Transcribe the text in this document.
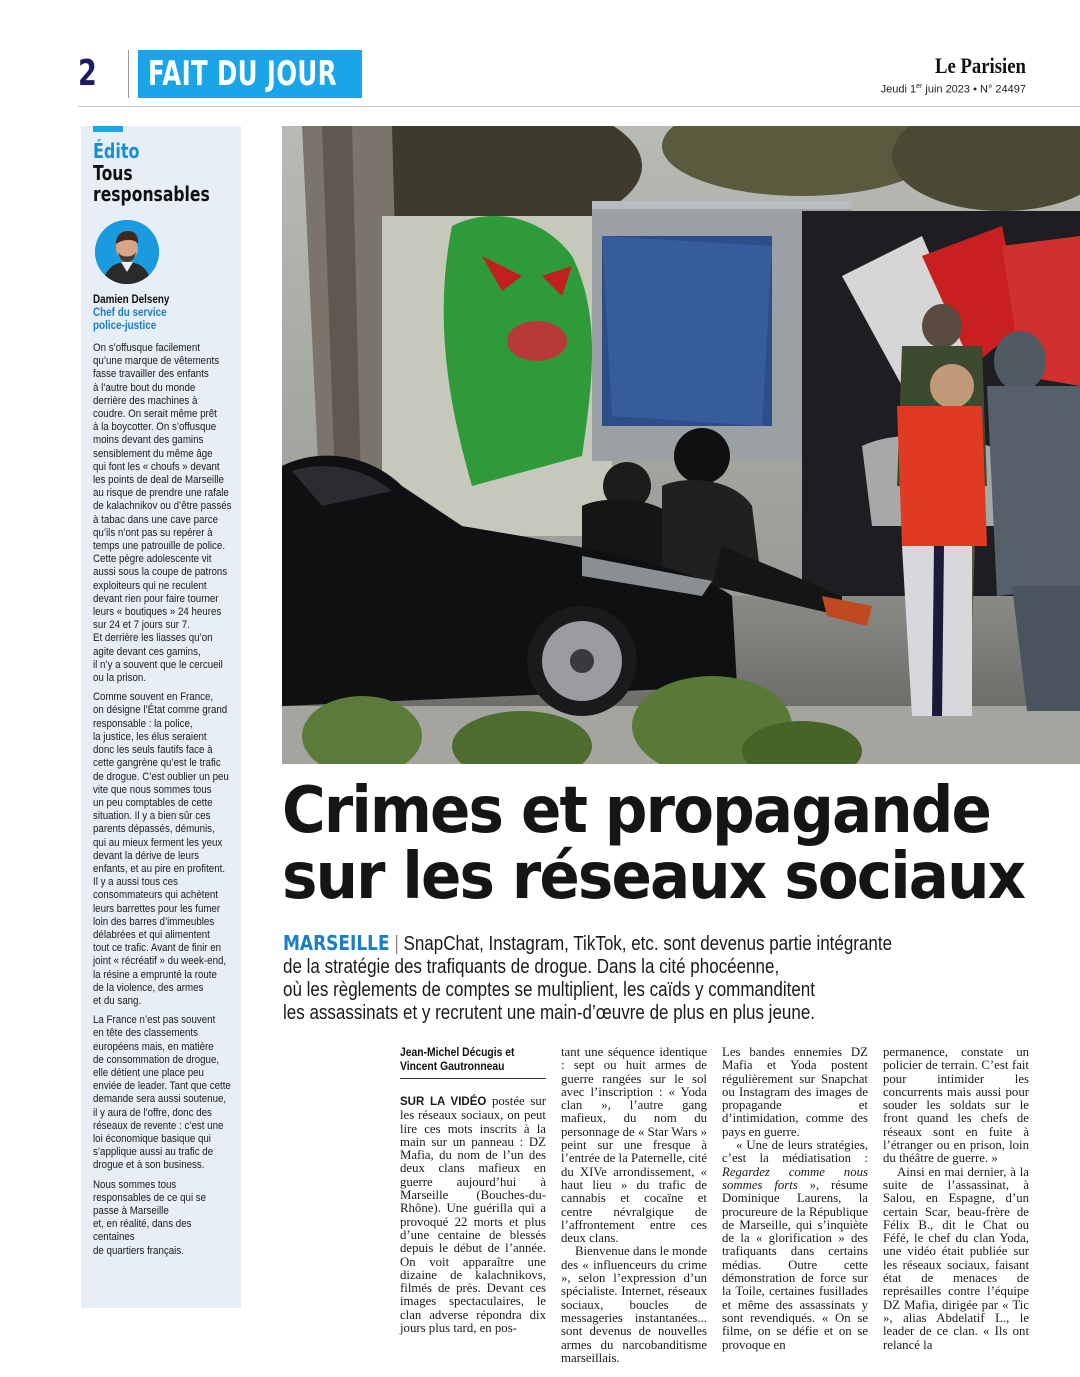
2 FAIT DU JOUR	Le Parisien
Jeudi 1er juin 2023 • N° 24497
Édito
Tous responsables
Damien Delseny
Chef du service police-justice

On s’offusque facilement
qu’une marque de vêtements
fasse travailler des enfants
à l’autre bout du monde
derrière des machines à
coudre. On serait même prêt
à la boycotter. On s’offusque
moins devant des gamins
sensiblement du même âge
qui font les « choufs » devant
les points de deal de Marseille
au risque de prendre une rafale
de kalachnikov ou d’être passés
à tabac dans une cave parce
qu’ils n’ont pas su repérer à
temps une patrouille de police.
Cette pègre adolescente vit
aussi sous la coupe de patrons
exploiteurs qui ne reculent
devant rien pour faire tourner
leurs « boutiques » 24 heures
sur 24 et 7 jours sur 7.
Et derrière les liasses qu’on
agite devant ces gamins,
il n’y a souvent que le cercueil
ou la prison.

Comme souvent en France,
on désigne l’État comme grand
responsable : la police,
la justice, les élus seraient
donc les seuls fautifs face à
cette gangrène qu’est le trafic
de drogue. C’est oublier un peu
vite que nous sommes tous
un peu comptables de cette
situation. Il y a bien sûr ces
parents dépassés, démunis,
qui au mieux ferment les yeux
devant la dérive de leurs
enfants, et au pire en profitent.
Il y a aussi tous ces
consommateurs qui achètent
leurs barrettes pour les fumer
loin des barres d’immeubles
délabrées et qui alimentent
tout ce trafic. Avant de finir en
joint « récréatif » du week-end,
la résine a emprunté la route
de la violence, des armes
et du sang.

La France n’est pas souvent
en tête des classements
européens mais, en matière
de consommation de drogue,
elle détient une place peu
enviée de leader. Tant que cette
demande sera aussi soutenue,
il y aura de l’offre, donc des
réseaux de revente : c’est une
loi économique basique qui
s’applique aussi au trafic de
drogue et à son business.

Nous sommes tous
responsables de ce qui se
passe à Marseille
et, en réalité, dans des
centaines
de quartiers français.

Crimes et propagande
sur les réseaux sociaux
MARSEILLE | SnapChat, Instagram, TikTok, etc. sont devenus partie intégrante
de la stratégie des trafiquants de drogue. Dans la cité phocéenne,
où les règlements de comptes se multiplient, les caïds y commanditent
les assassinats et y recrutent une main-d’œuvre de plus en plus jeune.
Jean-Michel Décugis et Vincent Gautronneau

SUR LA VIDÉO postée sur les réseaux sociaux, on peut lire ces mots inscrits à la main sur un panneau : DZ Mafia, du nom de l’un des deux clans mafieux en guerre aujourd’hui à Marseille (Bouches-du-Rhône). Une guérilla qui a provoqué 22 morts et plus d’une centaine de blessés depuis le début de l’année. On voit apparaître une dizaine de kalachnikovs, filmés de près. Devant ces images spectaculaires, le clan adverse répondra dix jours plus tard, en pos-

tant une séquence identique : sept ou huit armes de guerre rangées sur le sol avec l’inscription : « Yoda clan », l’autre gang mafieux, du nom du personnage de « Star Wars » peint sur une fresque à l’entrée de la Paternelle, cité du XIVe arrondissement, « haut lieu » du trafic de cannabis et cocaïne et centre névralgique de l’affrontement entre ces deux clans.

Bienvenue dans le monde des « influenceurs du crime », selon l’expression d’un spécialiste. Internet, réseaux sociaux, boucles de messageries instantanées... sont devenus de nouvelles armes du narcobanditisme marseillais.

Les bandes ennemies DZ Mafia et Yoda postent régulièrement sur Snapchat ou Instagram des images de propagande et d’intimidation, comme des pays en guerre.

« Une de leurs stratégies, c’est la médiatisation : Regardez comme nous sommes forts », résume Dominique Laurens, la procureure de la République de Marseille, qui s’inquiète de la « glorification » des trafiquants dans certains médias. Outre cette démonstration de force sur la Toile, certaines fusillades et même des assassinats y sont revendiqués. « On se filme, on se défie et on se provoque en

permanence, constate un policier de terrain. C’est fait pour intimider les concurrents mais aussi pour souder les soldats sur le front quand les chefs de réseaux sont en fuite à l’étranger ou en prison, loin du théâtre de guerre. »

Ainsi en mai dernier, à la suite de l’assassinat, à Salou, en Espagne, d’un certain Scar, beau-frère de Félix B., dit le Chat ou Féfé, le chef du clan Yoda, une vidéo était publiée sur les réseaux sociaux, faisant état de menaces de représailles contre l’équipe DZ Mafia, dirigée par « Tic », alias Abdelatif L., le leader de ce clan. « Ils ont relancé la
